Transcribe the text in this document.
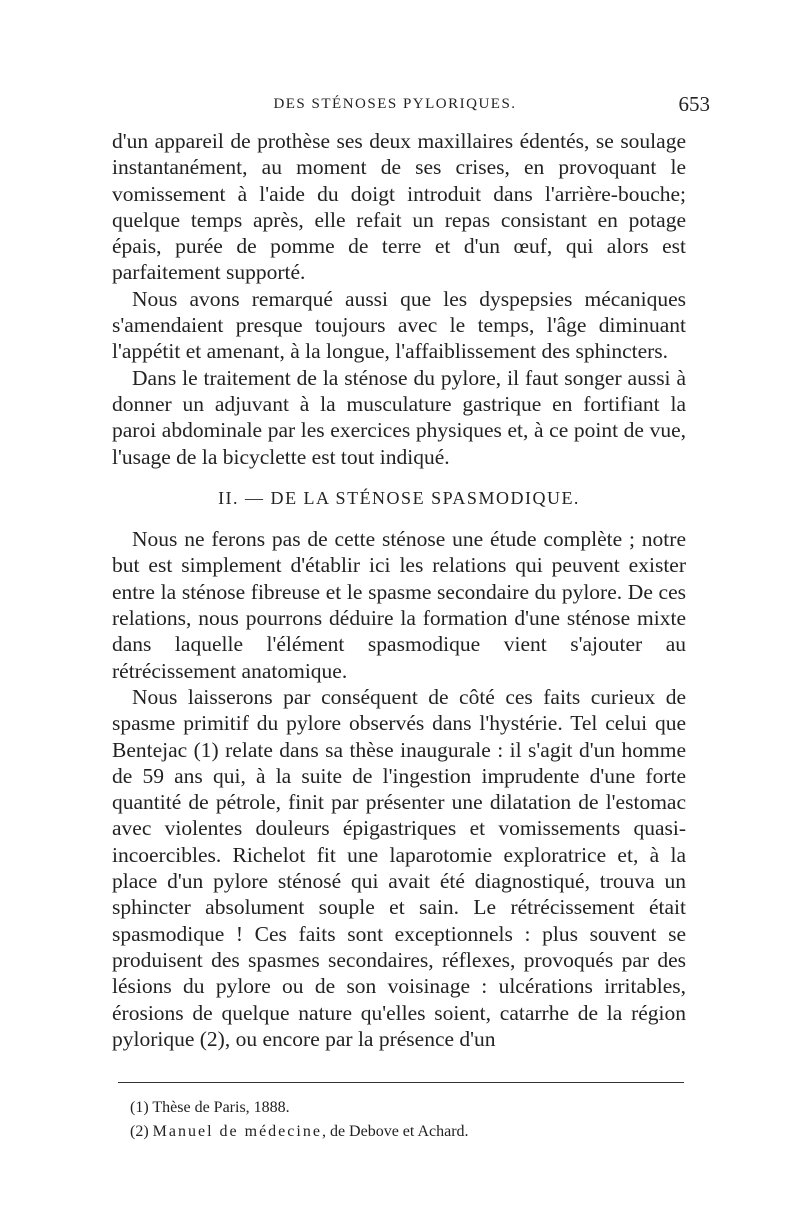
DES STÉNOSES PYLORIQUES.	653

d'un appareil de prothèse ses deux maxillaires édentés, se soulage instantanément, au moment de ses crises, en provoquant le vomissement à l'aide du doigt introduit dans l'arrière-bouche; quelque temps après, elle refait un repas consistant en potage épais, purée de pomme de terre et d'un œuf, qui alors est parfaitement supporté.

Nous avons remarqué aussi que les dyspepsies mécaniques s'amendaient presque toujours avec le temps, l'âge diminuant l'appétit et amenant, à la longue, l'affaiblissement des sphincters.

Dans le traitement de la sténose du pylore, il faut songer aussi à donner un adjuvant à la musculature gastrique en fortifiant la paroi abdominale par les exercices physiques et, à ce point de vue, l'usage de la bicyclette est tout indiqué.

II. — DE LA STÉNOSE SPASMODIQUE.

Nous ne ferons pas de cette sténose une étude complète ; notre but est simplement d'établir ici les relations qui peuvent exister entre la sténose fibreuse et le spasme secondaire du pylore. De ces relations, nous pourrons déduire la formation d'une sténose mixte dans laquelle l'élément spasmodique vient s'ajouter au rétrécissement anatomique.

Nous laisserons par conséquent de côté ces faits curieux de spasme primitif du pylore observés dans l'hystérie. Tel celui que Bentejac (1) relate dans sa thèse inaugurale : il s'agit d'un homme de 59 ans qui, à la suite de l'ingestion imprudente d'une forte quantité de pétrole, finit par présenter une dilatation de l'estomac avec violentes douleurs épigastriques et vomissements quasi-incoercibles. Richelot fit une laparotomie exploratrice et, à la place d'un pylore sténosé qui avait été diagnostiqué, trouva un sphincter absolument souple et sain. Le rétrécissement était spasmodique ! Ces faits sont exceptionnels : plus souvent se produisent des spasmes secondaires, réflexes, provoqués par des lésions du pylore ou de son voisinage : ulcérations irritables, érosions de quelque nature qu'elles soient, catarrhe de la région pylorique (2), ou encore par la présence d'un

(1) Thèse de Paris, 1888.
(2) Manuel de médecine, de Debove et Achard.
